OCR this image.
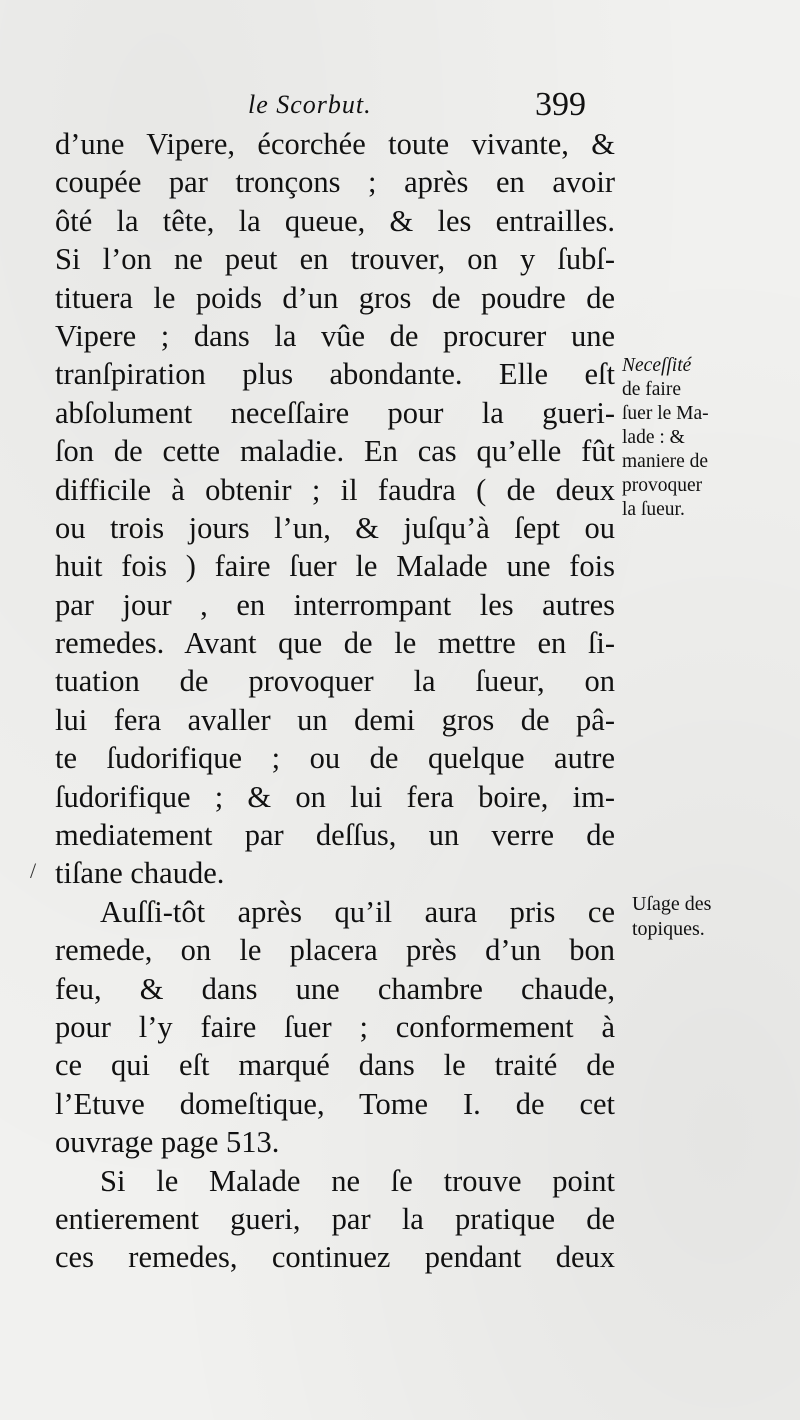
le Scorbut.	399
d’une Vipere, écorchée toute vivante, &
coupée par tronçons ; après en avoir
ôté la tête, la queue, & les entrailles.
Si l’on ne peut en trouver, on y ſubſ-
tituera le poids d’un gros de poudre de
Vipere ; dans la vûe de procurer une
tranſpiration plus abondante. Elle eſt
abſolument neceſſaire pour la gueri-
ſon de cette maladie. En cas qu’elle fût
difficile à obtenir ; il faudra ( de deux
ou trois jours l’un, & juſqu’à ſept ou
huit fois ) faire ſuer le Malade une fois
par jour , en interrompant les autres
remedes. Avant que de le mettre en ſi-
tuation de provoquer la ſueur, on
lui fera avaller un demi gros de pâ-
te ſudorifique ; ou de quelque autre
ſudorifique ; & on lui fera boire, im-
mediatement par deſſus, un verre de
tiſane chaude.
Auſſi-tôt après qu’il aura pris ce
remede, on le placera près d’un bon
feu, & dans une chambre chaude,
pour l’y faire ſuer ; conformement à
ce qui eſt marqué dans le traité de
l’Etuve domeſtique, Tome I. de cet
ouvrage page 513.
Si le Malade ne ſe trouve point
entierement gueri, par la pratique de
ces remedes, continuez pendant deux
Neceſſité
de faire
ſuer le Ma-
lade : &
maniere de
provoquer
la ſueur.
Uſage des
topiques.
/
